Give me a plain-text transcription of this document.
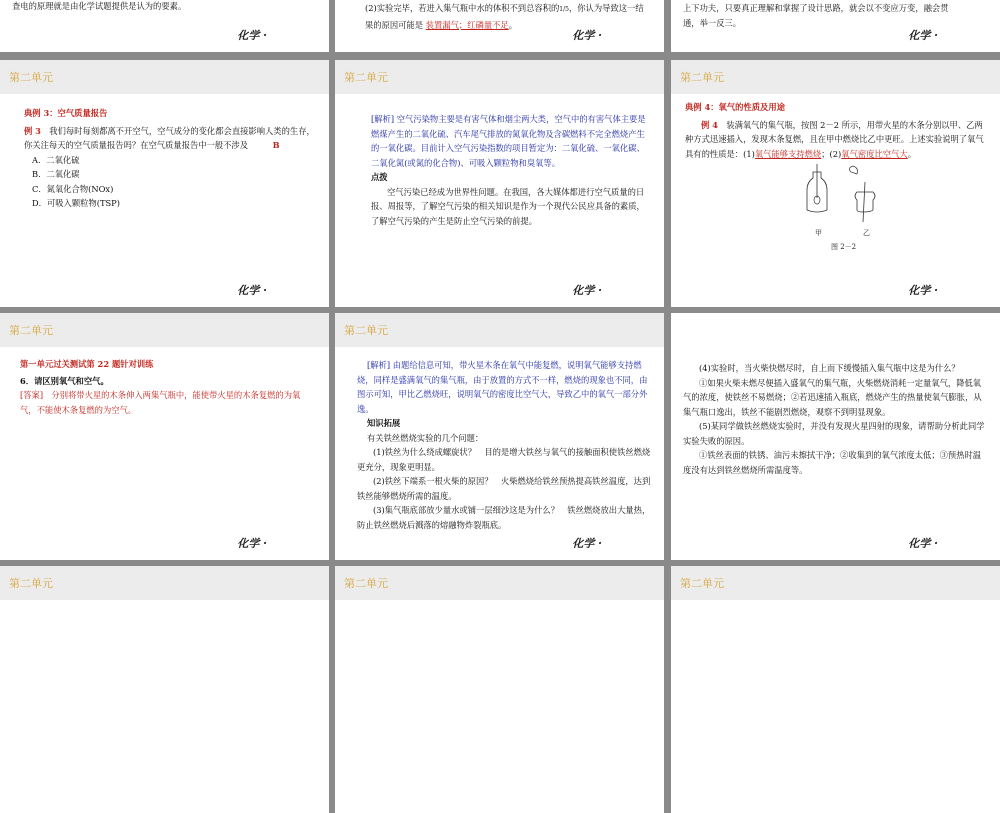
查电的原理就是由化学试题提供是认为的要素。

化学 ·

(2)实验完毕，若进入集气瓶中水的体积不到总容积的1/5，你认为导致这一结果的原因可能是 装置漏气；红磷量不足。

化学 ·

上下功夫，只要真正理解和掌握了设计思路，就会以不变应万变，融会贯

通，举一反三。

化学 ·
第二单元

典例 3：空气质量报告

例 3　 我们每时每刻都离不开空气，空气成分的变化都会直接影响人类的生存，你关注每天的空气质量报告吗？在空气质量报告中一般不涉及	B

A．二氧化硫

B．二氧化碳

C．氮氧化合物(NOx)

D．可吸入颗粒物(TSP)

化学 ·
第二单元

[解析] 空气污染物主要是有害气体和烟尘两大类，空气中的有害气体主要是燃煤产生的二氧化硫、汽车尾气排放的氮氧化物及含碳燃料不完全燃烧产生的一氧化碳。目前计入空气污染指数的项目暂定为：二氧化硫、一氧化碳、二氧化氮(或氮的化合物)、可吸入颗粒物和臭氧等。

点拨

空气污染已经成为世界性问题。在我国，各大媒体都进行空气质量的日报、周报等，了解空气污染的相关知识是作为一个现代公民应具备的素质，了解空气污染的产生是防止空气污染的前提。

化学 ·
第二单元

典例 4：氧气的性质及用途

例 4　 装满氧气的集气瓶，按图 2－2 所示，用带火星的木条分别以甲、乙两种方式迅速插入，发现木条复燃，且在甲中燃烧比乙中更旺。上述实验说明了氧气具有的性质是：(1)氧气能够支持燃烧；(2)氧气密度比空气大。

甲	乙
图 2－2
化学 ·
第二单元

第一单元过关测试第 22 题针对训练

6．请区别氧气和空气。

[答案]　 分别将带火星的木条伸入两集气瓶中，能使带火星的木条复燃的为氧气，不能使木条复燃的为空气。

化学 ·
第二单元

[解析] 由题给信息可知，带火星木条在氧气中能复燃，说明氧气能够支持燃烧，同样是盛满氧气的集气瓶，由于放置的方式不一样，燃烧的现象也不同，由图示可知，甲比乙燃烧旺，说明氧气的密度比空气大，导致乙中的氧气一部分外逸。

知识拓展

有关铁丝燃烧实验的几个问题：

(1)铁丝为什么绕成螺旋状？　目的是增大铁丝与氧气的接触面积使铁丝燃烧更充分，现象更明显。

(2)铁丝下端系一根火柴的原因？　火柴燃烧给铁丝预热提高铁丝温度，达到铁丝能够燃烧所需的温度。

(3)集气瓶底部放少量水或铺一层细沙这是为什么？　铁丝燃烧放出大量热，防止铁丝燃烧后溅落的熔融物炸裂瓶底。

化学 ·

(4)实验时，当火柴快燃尽时，自上而下缓慢插入集气瓶中这是为什么？

①如果火柴未燃尽便插入盛氧气的集气瓶，火柴燃烧消耗一定量氧气，降低氧气的浓度，使铁丝不易燃烧；②若迅速插入瓶底，燃烧产生的热量使氧气膨胀，从集气瓶口逸出，铁丝不能剧烈燃烧，观察不到明显现象。

(5)某同学做铁丝燃烧实验时，并没有发现火星四射的现象，请帮助分析此同学实验失败的原因。

①铁丝表面的铁锈、油污未擦拭干净；②收集到的氧气浓度太低；③预热时温度没有达到铁丝燃烧所需温度等。

化学 ·
第二单元	第二单元	第二单元
